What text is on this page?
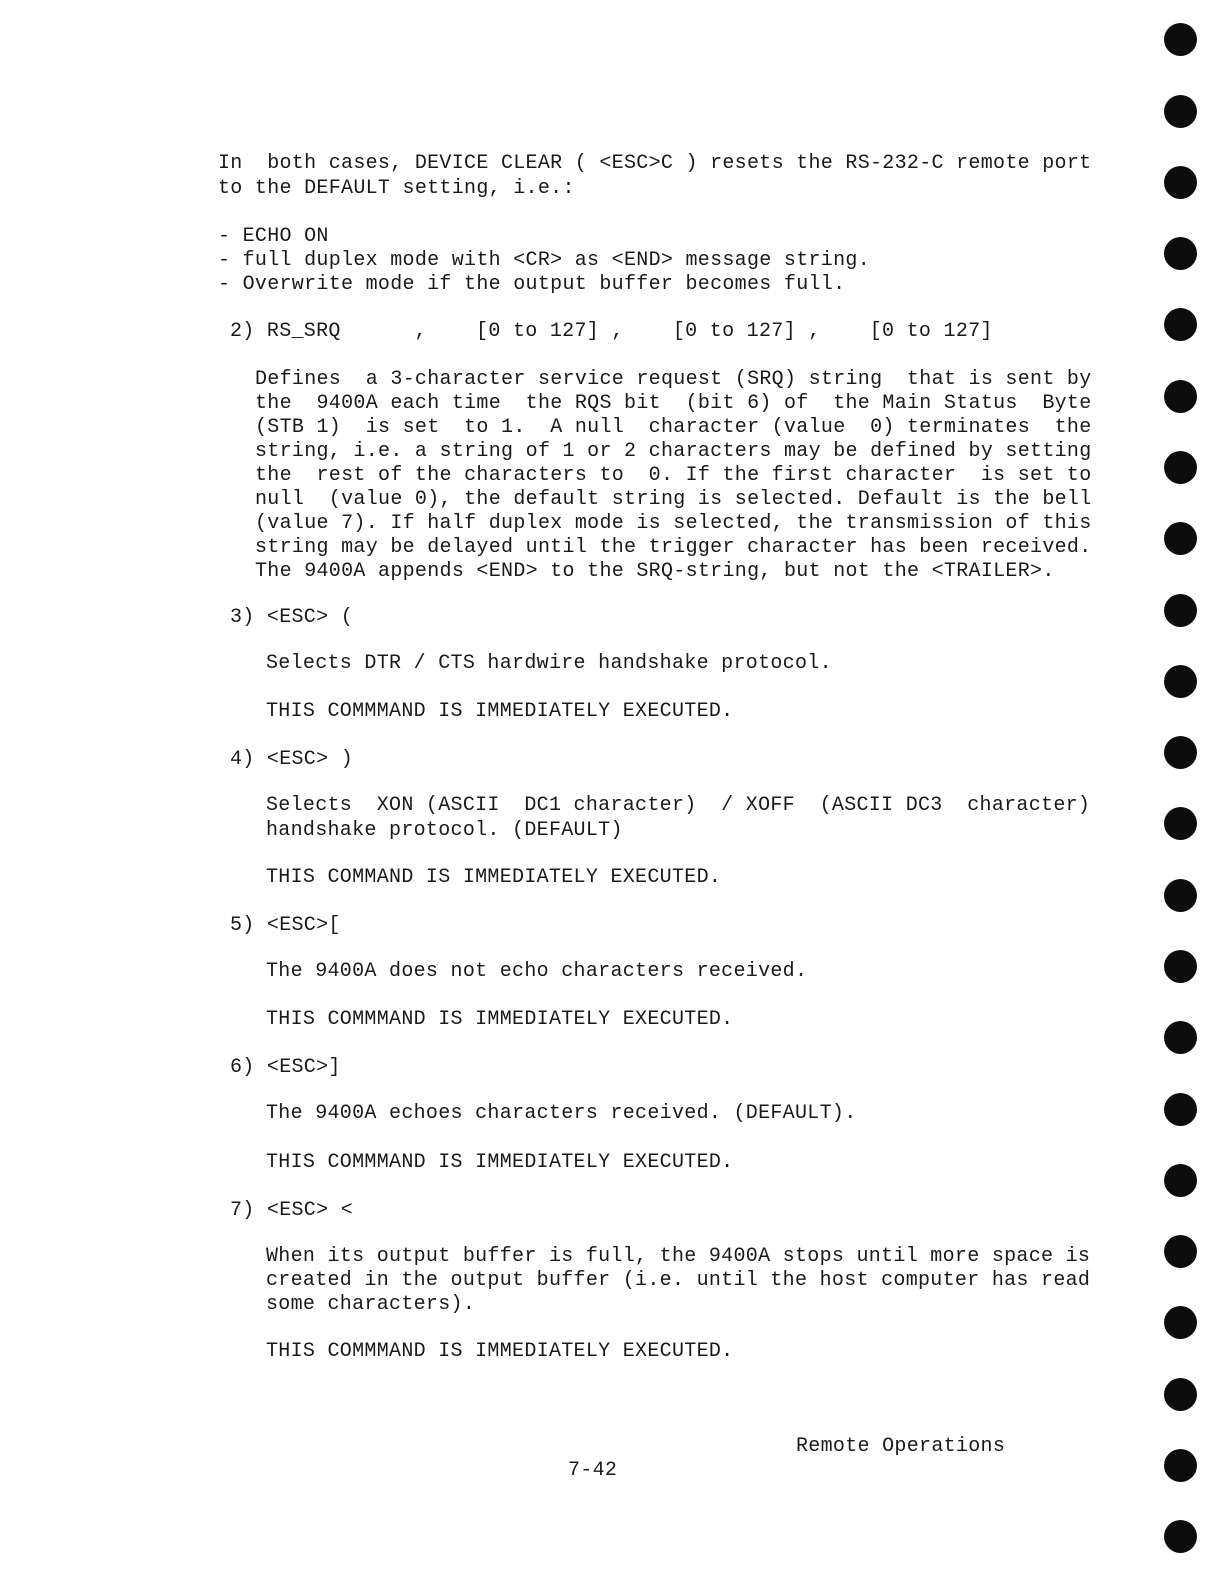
In  both cases, DEVICE CLEAR ( <ESC>C ) resets the RS-232-C remote port
to the DEFAULT setting, i.e.:
- ECHO ON
- full duplex mode with <CR> as <END> message string.
- Overwrite mode if the output buffer becomes full.
2) RS_SRQ      ,    [0 to 127] ,    [0 to 127] ,    [0 to 127]
Defines  a 3-character service request (SRQ) string  that is sent by
the  9400A each time  the RQS bit  (bit 6) of  the Main Status  Byte
(STB 1)  is set  to 1.  A null  character (value  0) terminates  the
string, i.e. a string of 1 or 2 characters may be defined by setting
the  rest of the characters to  0. If the first character  is set to
null  (value 0), the default string is selected. Default is the bell
(value 7). If half duplex mode is selected, the transmission of this
string may be delayed until the trigger character has been received.
The 9400A appends <END> to the SRQ-string, but not the <TRAILER>.
3) <ESC> (
Selects DTR / CTS hardwire handshake protocol.
THIS COMMMAND IS IMMEDIATELY EXECUTED.
4) <ESC> )
Selects  XON (ASCII  DC1 character)  / XOFF  (ASCII DC3  character)
handshake protocol. (DEFAULT)
THIS COMMAND IS IMMEDIATELY EXECUTED.
5) <ESC>[
The 9400A does not echo characters received.
THIS COMMMAND IS IMMEDIATELY EXECUTED.
6) <ESC>]
The 9400A echoes characters received. (DEFAULT).
THIS COMMMAND IS IMMEDIATELY EXECUTED.
7) <ESC> <
When its output buffer is full, the 9400A stops until more space is
created in the output buffer (i.e. until the host computer has read
some characters).
THIS COMMMAND IS IMMEDIATELY EXECUTED.
Remote Operations
7-42
